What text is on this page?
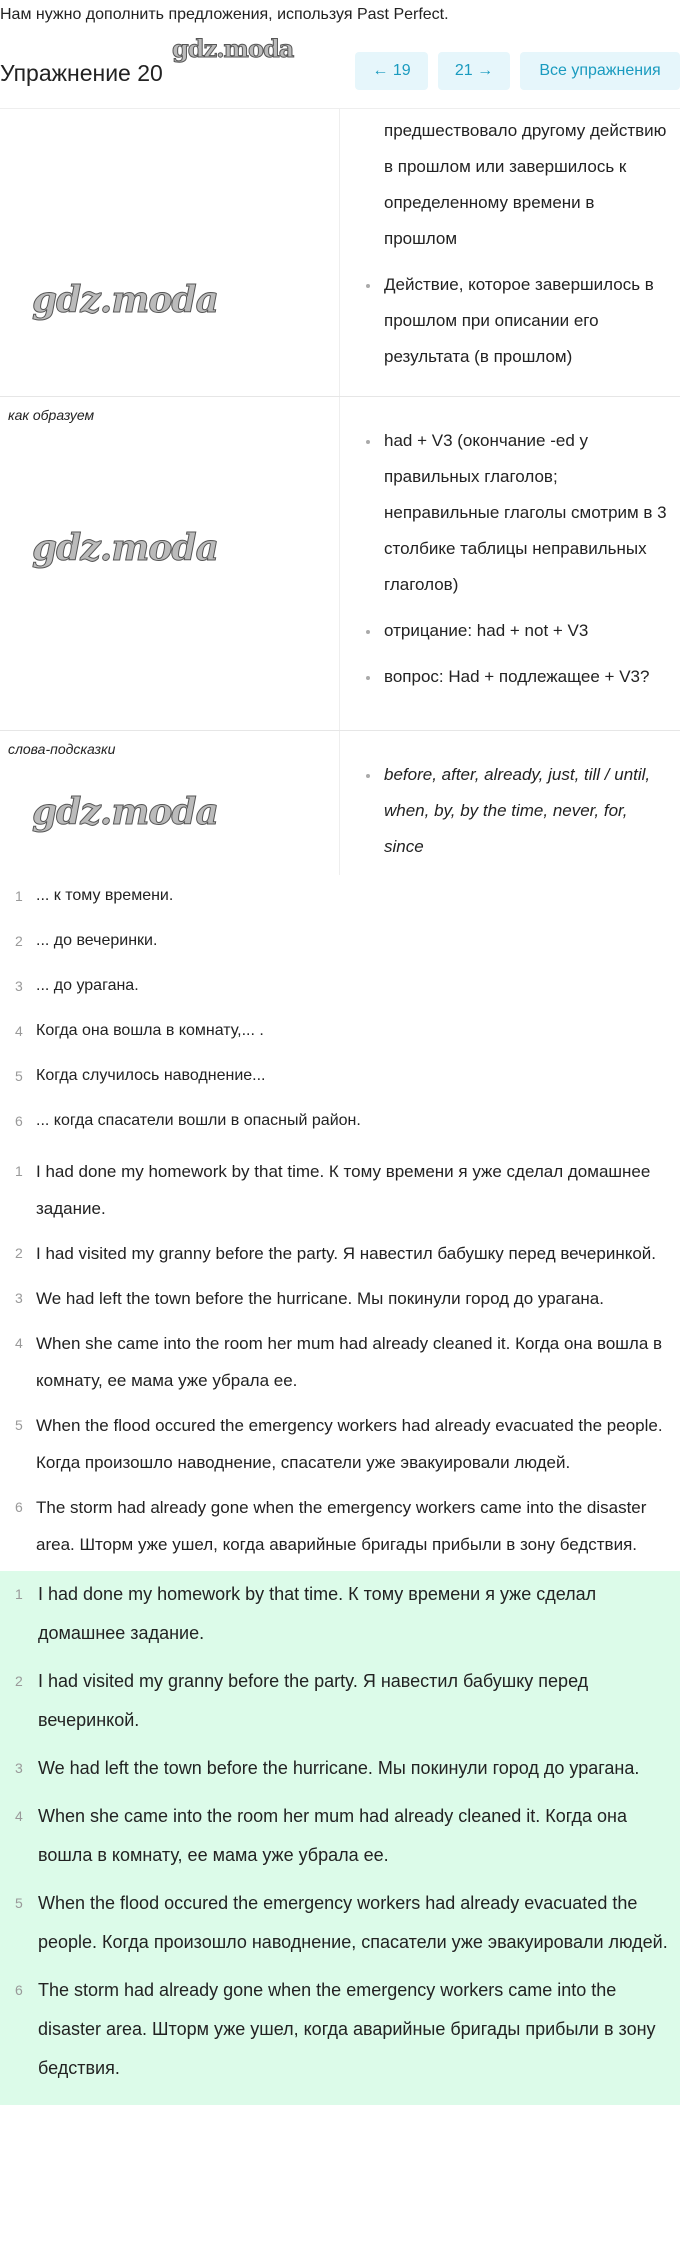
Нам нужно дополнить предложения, используя Past Perfect.
Упражнение 20
gdz.moda
← 19	21 →	Все упражнения
gdz.moda
предшествовало другому действию в прошлом или завершилось к определенному времени в прошлом
Действие, которое завершилось в прошлом при описании его результата (в прошлом)
как образуем
gdz.moda
had + V3 (окончание -ed у правильных глаголов; неправильные глаголы смотрим в 3 столбике таблицы неправильных глаголов)
отрицание: had + not + V3
вопрос: Had + подлежащее + V3?
слова-подсказки
gdz.moda
before, after, already, just, till / until, when, by, by the time, never, for, since
1 ... к тому времени.
2 ... до вечеринки.
3 ... до урагана.
4 Когда она вошла в комнату,... .
5 Когда случилось наводнение...
6 ... когда спасатели вошли в опасный район.
1 I had done my homework by that time. К тому времени я уже сделал домашнее задание.
2 I had visited my granny before the party. Я навестил бабушку перед вечеринкой.
3 We had left the town before the hurricane. Мы покинули город до урагана.
4 When she came into the room her mum had already cleaned it. Когда она вошла в комнату, ее мама уже убрала ее.
5 When the flood occured the emergency workers had already evacuated the people. Когда произошло наводнение, спасатели уже эвакуировали людей.
6 The storm had already gone when the emergency workers came into the disaster area. Шторм уже ушел, когда аварийные бригады прибыли в зону бедствия.
1 I had done my homework by that time. К тому времени я уже сделал домашнее задание.
2 I had visited my granny before the party. Я навестил бабушку перед вечеринкой.
3 We had left the town before the hurricane. Мы покинули город до урагана.
4 When she came into the room her mum had already cleaned it. Когда она вошла в комнату, ее мама уже убрала ее.
5 When the flood occured the emergency workers had already evacuated the people. Когда произошло наводнение, спасатели уже эвакуировали людей.
6 The storm had already gone when the emergency workers came into the disaster area. Шторм уже ушел, когда аварийные бригады прибыли в зону бедствия.
